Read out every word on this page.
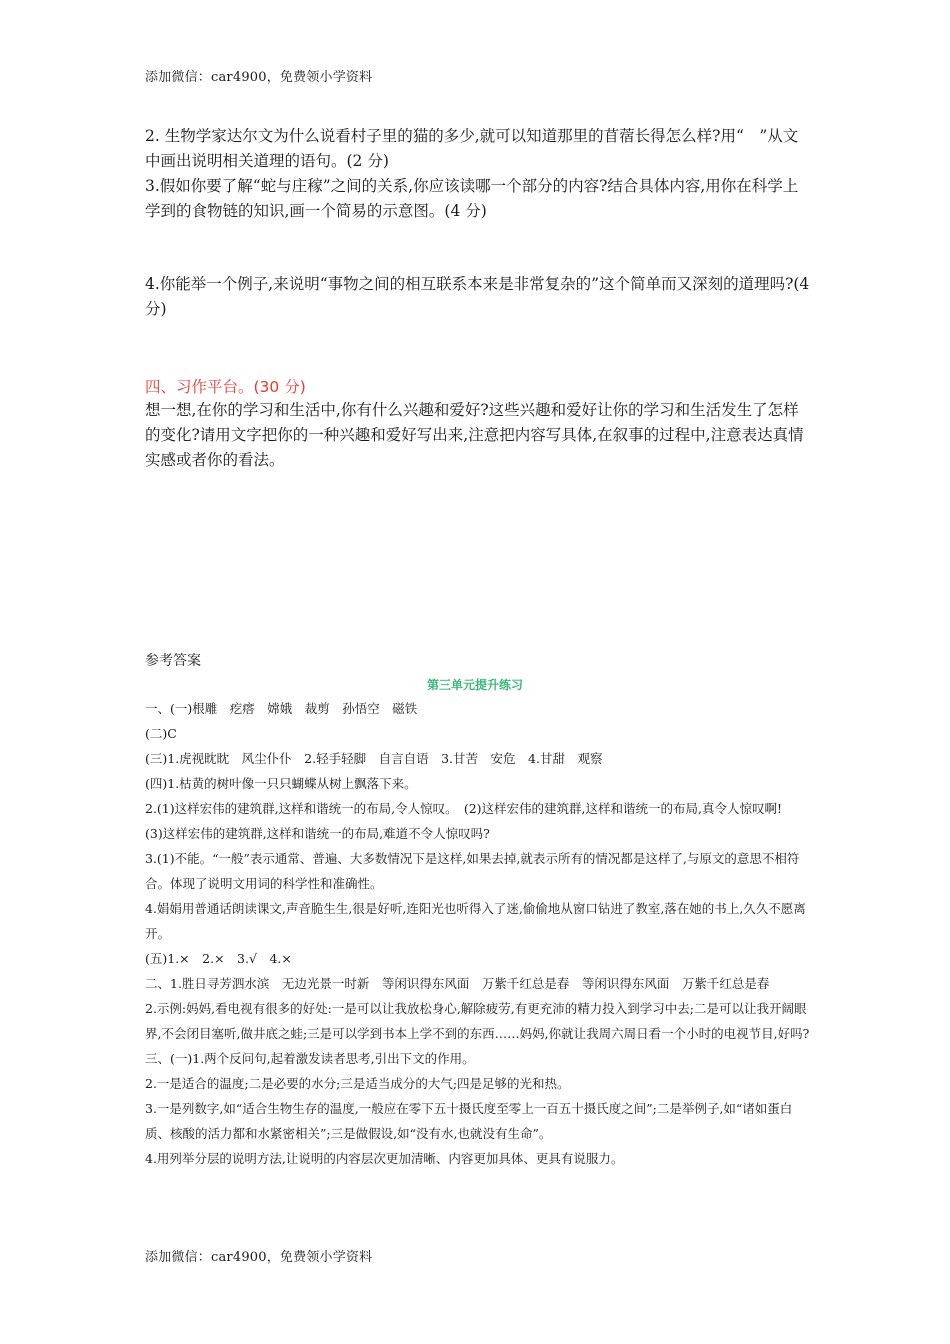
添加微信：car4900，免费领小学资料
2. 生物学家达尔文为什么说看村子里的猫的多少,就可以知道那里的苜蓿长得怎么样?用“　”从文中画出说明相关道理的语句。(2 分)
3.假如你要了解“蛇与庄稼”之间的关系,你应该读哪一个部分的内容?结合具体内容,用你在科学上学到的食物链的知识,画一个简易的示意图。(4 分)
4.你能举一个例子,来说明“事物之间的相互联系本来是非常复杂的”这个简单而又深刻的道理吗?(4 分)
四、习作平台。(30 分)
想一想,在你的学习和生活中,你有什么兴趣和爱好?这些兴趣和爱好让你的学习和生活发生了怎样的变化?请用文字把你的一种兴趣和爱好写出来,注意把内容写具体,在叙事的过程中,注意表达真情实感或者你的看法。
参考答案
第三单元提升练习

一、(一)根雕　疙瘩　嫦娥　裁剪　孙悟空　磁铁

(二)C

(三)1.虎视眈眈　风尘仆仆　2.轻手轻脚　自言自语　3.甘苦　安危　4.甘甜　观察

(四)1.枯黄的树叶像一只只蝴蝶从树上飘落下来。

2.(1)这样宏伟的建筑群,这样和谐统一的布局,令人惊叹。　(2)这样宏伟的建筑群,这样和谐统一的布局,真令人惊叹啊!　(3)这样宏伟的建筑群,这样和谐统一的布局,难道不令人惊叹吗?

3.(1)不能。“一般”表示通常、普遍、大多数情况下是这样,如果去掉,就表示所有的情况都是这样了,与原文的意思不相符合。体现了说明文用词的科学性和准确性。

4.娟娟用普通话朗读课文,声音脆生生,很是好听,连阳光也听得入了迷,偷偷地从窗口钻进了教室,落在她的书上,久久不愿离开。

(五)1.×　2.×　3.√　4.×

二、1.胜日寻芳泗水滨　无边光景一时新　等闲识得东风面　万紫千红总是春　等闲识得东风面　万紫千红总是春

2.示例:妈妈,看电视有很多的好处:一是可以让我放松身心,解除疲劳,有更充沛的精力投入到学习中去;二是可以让我开阔眼界,不会闭目塞听,做井底之蛙;三是可以学到书本上学不到的东西……妈妈,你就让我周六周日看一个小时的电视节目,好吗?

三、(一)1.两个反问句,起着激发读者思考,引出下文的作用。

2.一是适合的温度;二是必要的水分;三是适当成分的大气;四是足够的光和热。

3.一是列数字,如“适合生物生存的温度,一般应在零下五十摄氏度至零上一百五十摄氏度之间”;二是举例子,如“诸如蛋白质、核酸的活力都和水紧密相关”;三是做假设,如“没有水,也就没有生命”。

4.用列举分层的说明方法,让说明的内容层次更加清晰、内容更加具体、更具有说服力。

添加微信：car4900，免费领小学资料
